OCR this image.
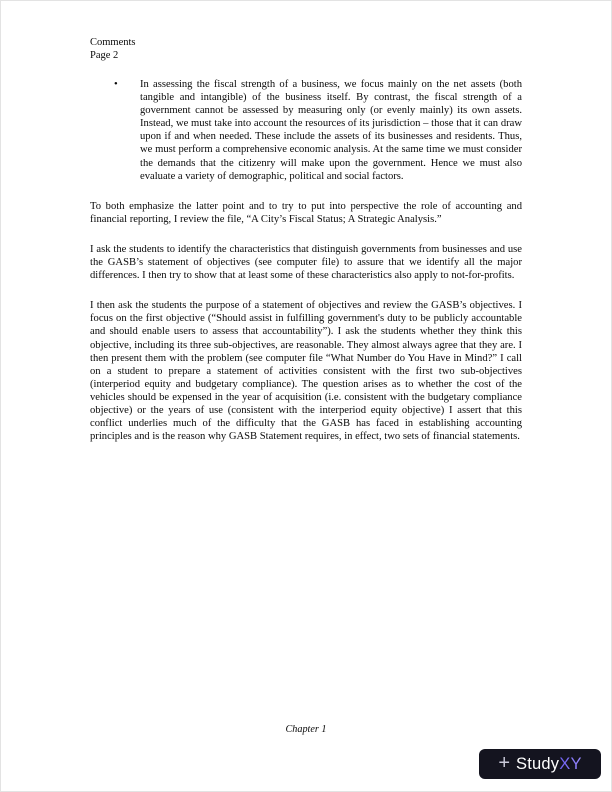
Comments
Page 2
•	In assessing the fiscal strength of a business, we focus mainly on the net assets (both tangible and intangible) of the business itself. By contrast, the fiscal strength of a government cannot be assessed by measuring only (or evenly mainly) its own assets. Instead, we must take into account the resources of its jurisdiction – those that it can draw upon if and when needed. These include the assets of its businesses and residents. Thus, we must perform a comprehensive economic analysis. At the same time we must consider the demands that the citizenry will make upon the government. Hence we must also evaluate a variety of demographic, political and social factors.

To both emphasize the latter point and to try to put into perspective the role of accounting and financial reporting, I review the file, “A City’s Fiscal Status; A Strategic Analysis.”

I ask the students to identify the characteristics that distinguish governments from businesses and use the GASB’s statement of objectives (see computer file) to assure that we identify all the major differences. I then try to show that at least some of these characteristics also apply to not-for-profits.

I then ask the students the purpose of a statement of objectives and review the GASB’s objectives. I focus on the first objective (“Should assist in fulfilling government's duty to be publicly accountable and should enable users to assess that accountability”). I ask the students whether they think this objective, including its three sub-objectives, are reasonable. They almost always agree that they are. I then present them with the problem (see computer file “What Number do You Have in Mind?” I call on a student to prepare a statement of activities consistent with the first two sub-objectives (interperiod equity and budgetary compliance). The question arises as to whether the cost of the vehicles should be expensed in the year of acquisition (i.e. consistent with the budgetary compliance objective) or the years of use (consistent with the interperiod equity objective) I assert that this conflict underlies much of the difficulty that the GASB has faced in establishing accounting principles and is the reason why GASB Statement requires, in effect, two sets of financial statements.

Chapter 1
+ StudyXY
